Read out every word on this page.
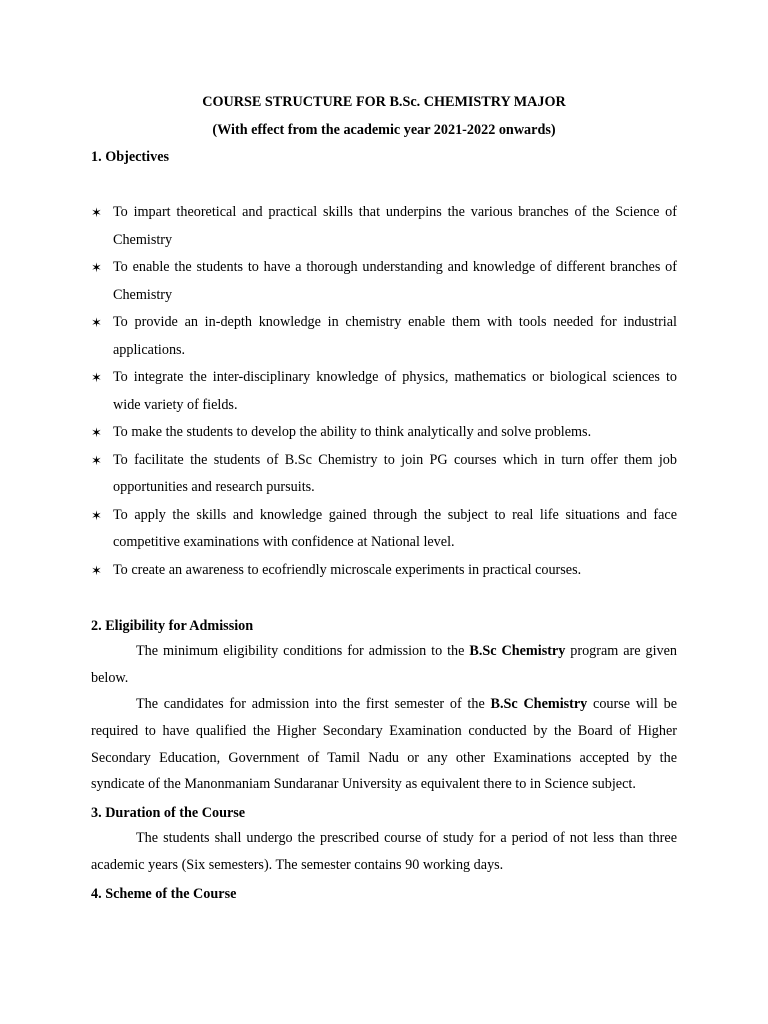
COURSE STRUCTURE FOR B.Sc. CHEMISTRY MAJOR

(With effect from the academic year 2021-2022 onwards)

1. Objectives

✶ To impart theoretical and practical skills that underpins the various branches of the Science of Chemistry
✶ To enable the students to have a thorough understanding and knowledge of different branches of Chemistry
✶ To provide an in-depth knowledge in chemistry enable them with tools needed for industrial applications.
✶ To integrate the inter-disciplinary knowledge of physics, mathematics or biological sciences to wide variety of fields.
✶ To make the students to develop the ability to think analytically and solve problems.
✶ To facilitate the students of B.Sc Chemistry to join PG courses which in turn offer them job opportunities and research pursuits.
✶ To apply the skills and knowledge gained through the subject to real life situations and face competitive examinations with confidence at National level.
✶ To create an awareness to ecofriendly microscale experiments in practical courses.

2. Eligibility for Admission

The minimum eligibility conditions for admission to the B.Sc Chemistry program are given below.

The candidates for admission into the first semester of the B.Sc Chemistry course will be required to have qualified the Higher Secondary Examination conducted by the Board of Higher Secondary Education, Government of Tamil Nadu or any other Examinations accepted by the syndicate of the Manonmaniam Sundaranar University as equivalent there to in Science subject.

3. Duration of the Course

The students shall undergo the prescribed course of study for a period of not less than three academic years (Six semesters). The semester contains 90 working days.

4. Scheme of the Course
